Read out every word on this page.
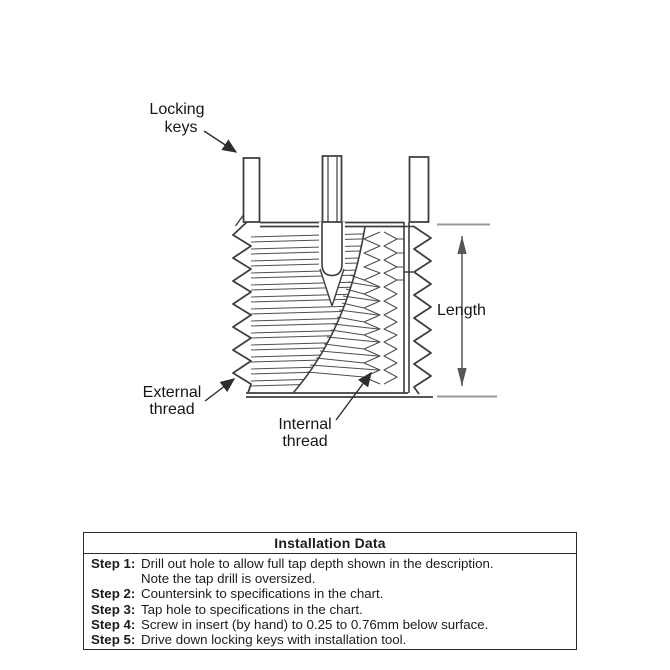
Length
Locking
keys
External
thread
Internal
thread
Installation Data
Step 1: Drill out hole to allow full tap depth shown in the description.
Note the tap drill is oversized.
Step 2: Countersink to specifications in the chart.
Step 3: Tap hole to specifications in the chart.
Step 4: Screw in insert (by hand) to 0.25 to 0.76mm below surface.
Step 5: Drive down locking keys with installation tool.
